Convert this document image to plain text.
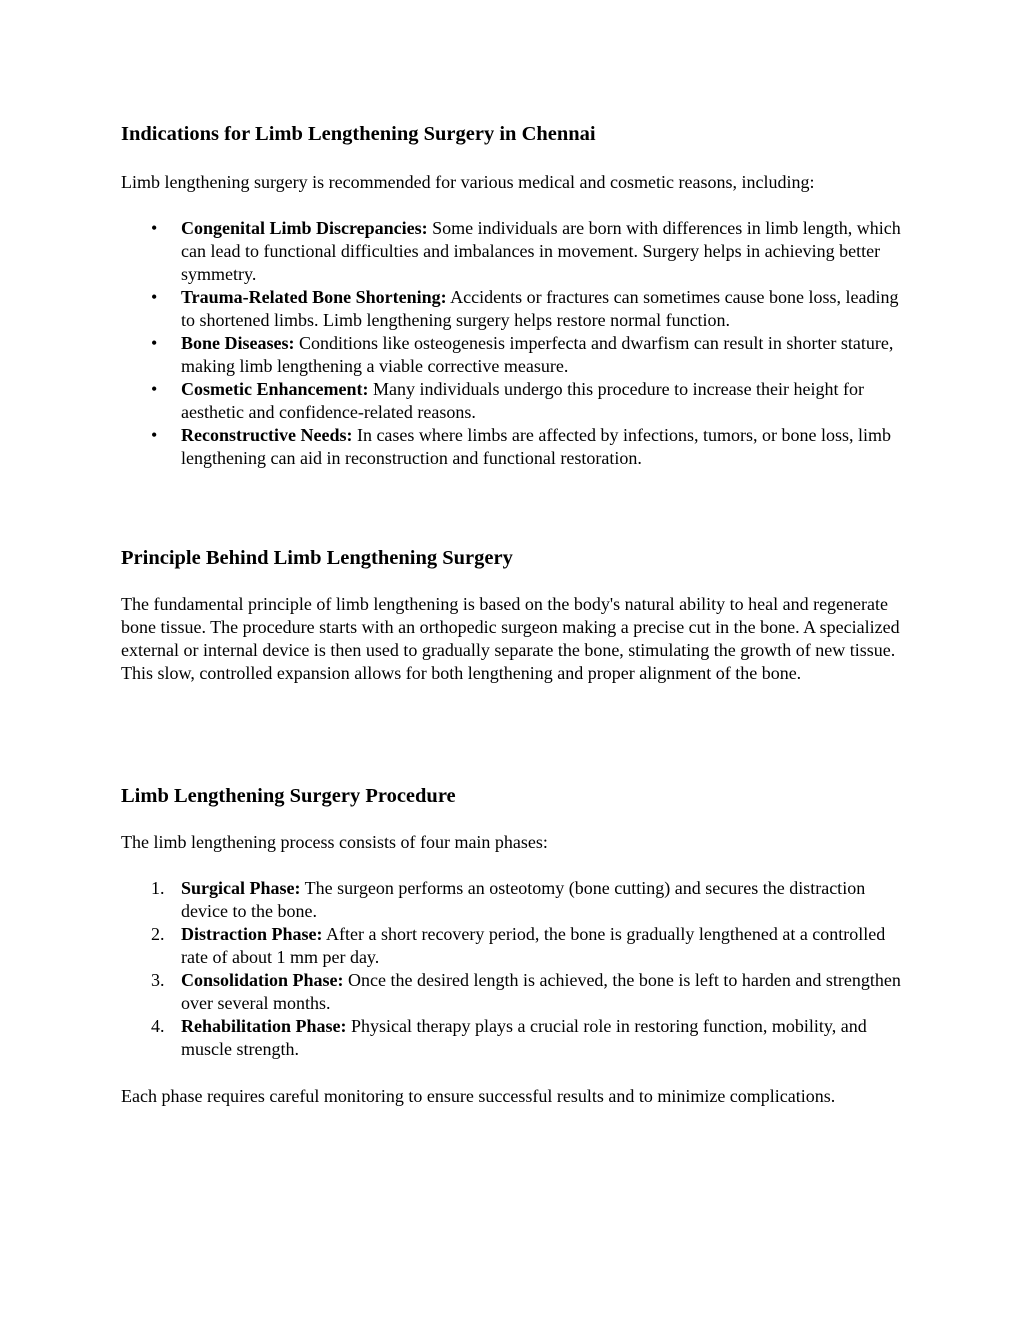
Indications for Limb Lengthening Surgery in Chennai

Limb lengthening surgery is recommended for various medical and cosmetic reasons, including:

• Congenital Limb Discrepancies: Some individuals are born with differences in limb length, which can lead to functional difficulties and imbalances in movement. Surgery helps in achieving better symmetry.
• Trauma-Related Bone Shortening: Accidents or fractures can sometimes cause bone loss, leading to shortened limbs. Limb lengthening surgery helps restore normal function.
• Bone Diseases: Conditions like osteogenesis imperfecta and dwarfism can result in shorter stature, making limb lengthening a viable corrective measure.
• Cosmetic Enhancement: Many individuals undergo this procedure to increase their height for aesthetic and confidence-related reasons.
• Reconstructive Needs: In cases where limbs are affected by infections, tumors, or bone loss, limb lengthening can aid in reconstruction and functional restoration.
Principle Behind Limb Lengthening Surgery

The fundamental principle of limb lengthening is based on the body's natural ability to heal and regenerate bone tissue. The procedure starts with an orthopedic surgeon making a precise cut in the bone. A specialized external or internal device is then used to gradually separate the bone, stimulating the growth of new tissue. This slow, controlled expansion allows for both lengthening and proper alignment of the bone.

Limb Lengthening Surgery Procedure

The limb lengthening process consists of four main phases:

1. Surgical Phase: The surgeon performs an osteotomy (bone cutting) and secures the distraction device to the bone.
2. Distraction Phase: After a short recovery period, the bone is gradually lengthened at a controlled rate of about 1 mm per day.
3. Consolidation Phase: Once the desired length is achieved, the bone is left to harden and strengthen over several months.
4. Rehabilitation Phase: Physical therapy plays a crucial role in restoring function, mobility, and muscle strength.

Each phase requires careful monitoring to ensure successful results and to minimize complications.
